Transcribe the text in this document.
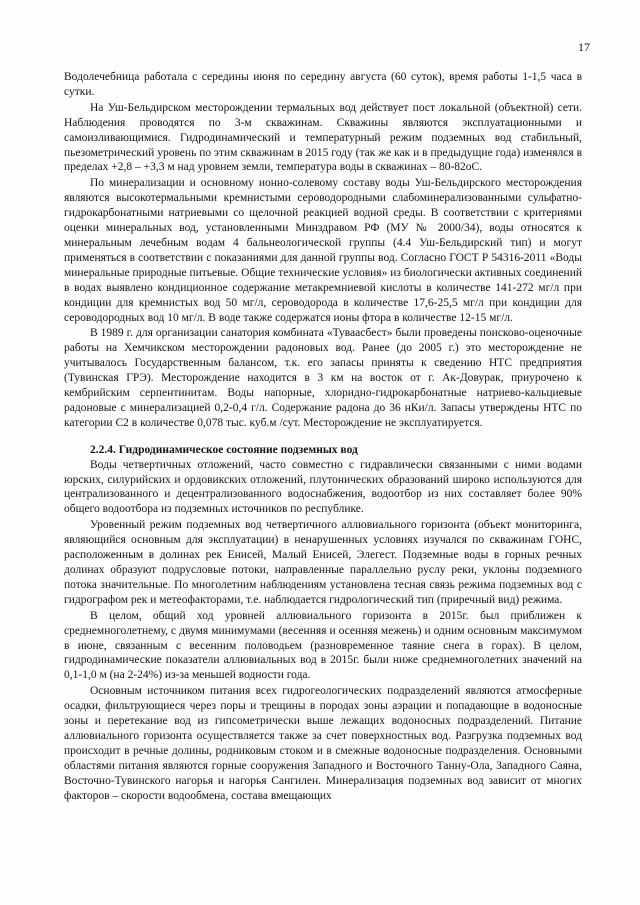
17

Водолечебница работала с середины июня по середину августа (60 суток), время работы 1-1,5 часа в сутки.

На Уш-Бельдирском месторождении термальных вод действует пост локальной (объектной) сети. Наблюдения проводятся по 3-м скважинам. Скважины являются эксплуатационными и самоизливающимися. Гидродинамический и температурный режим подземных вод стабильный, пьезометрический уровень по этим скважинам в 2015 году (так же как и в предыдущие года) изменялся в пределах +2,8 – +3,3 м над уровнем земли, температура воды в скважинах – 80-82оС.

По минерализации и основному ионно-солевому составу воды Уш-Бельдирского месторождения являются высокотермальными кремнистыми сероводородными слабоминерализованными сульфатно-гидрокарбонатными натриевыми со щелочной реакцией водной среды. В соответствии с критериями оценки минеральных вод, установленными Минздравом РФ (МУ № 2000/34), воды относятся к минеральным лечебным водам 4 бальнеологической группы (4.4 Уш-Бельдирский тип) и могут применяться в соответствии с показаниями для данной группы вод. Согласно ГОСТ Р 54316-2011 «Воды минеральные природные питьевые. Общие технические условия» из биологически активных соединений в водах выявлено кондиционное содержание метакремниевой кислоты в количестве 141-272 мг/л при кондиции для кремнистых вод 50 мг/л, сероводорода в количестве 17,6-25,5 мг/л при кондиции для сероводородных вод 10 мг/л. В воде также содержатся ионы фтора в количестве 12-15 мг/л.

В 1989 г. для организации санатория комбината «Туваасбест» были проведены поисково-оценочные работы на Хемчикском месторождении радоновых вод. Ранее (до 2005 г.) это месторождение не учитывалось Государственным балансом, т.к. его запасы приняты к сведению НТС предприятия (Тувинская ГРЭ). Месторождение находится в 3 км на восток от г. Ак-Довурак, приурочено к кембрийским серпентинитам. Воды напорные, хлоридно-гидрокарбонатные натриево-кальциевые радоновые с минерализацией 0,2-0,4 г/л. Содержание радона до 36 нКи/л. Запасы утверждены НТС по категории С2 в количестве 0,078 тыс. куб.м /сут. Месторождение не эксплуатируется.

2.2.4. Гидродинамическое состояние подземных вод

Воды четвертичных отложений, часто совместно с гидравлически связанными с ними водами юрских, силурийских и ордовикских отложений, плутонических образований широко используются для централизованного и децентрализованного водоснабжения, водоотбор из них составляет более 90% общего водоотбора из подземных источников по республике.

Уровенный режим подземных вод четвертичного аллювиального горизонта (объект мониторинга, являющийся основным для эксплуатации) в ненарушенных условиях изучался по скважинам ГОНС, расположенным в долинах рек Енисей, Малый Енисей, Элегест. Подземные воды в горных речных долинах образуют подрусловые потоки, направленные параллельно руслу реки, уклоны подземного потока значительные. По многолетним наблюдениям установлена тесная связь режима подземных вод с гидрографом рек и метеофакторами, т.е. наблюдается гидрологический тип (приречный вид) режима.

В целом, общий ход уровней аллювиального горизонта в 2015г. был приближен к среднемноголетнему, с двумя минимумами (весенняя и осенняя межень) и одним основным максимумом в июне, связанным с весенним половодьем (разновременное таяние снега в горах). В целом, гидродинамические показатели аллювиальных вод в 2015г. были ниже среднемноголетних значений на 0,1-1,0 м (на 2-24%) из-за меньшей водности года.

Основным источником питания всех гидрогеологических подразделений являются атмосферные осадки, фильтрующиеся через поры и трещины в породах зоны аэрации и попадающие в водоносные зоны и перетекание вод из гипсометрически выше лежащих водоносных подразделений. Питание аллювиального горизонта осуществляется также за счет поверхностных вод. Разгрузка подземных вод происходит в речные долины, родниковым стоком и в смежные водоносные подразделения. Основными областями питания являются горные сооружения Западного и Восточного Танну-Ола, Западного Саяна, Восточно-Тувинского нагорья и нагорья Сангилен. Минерализация подземных вод зависит от многих факторов – скорости водообмена, состава вмещающих
